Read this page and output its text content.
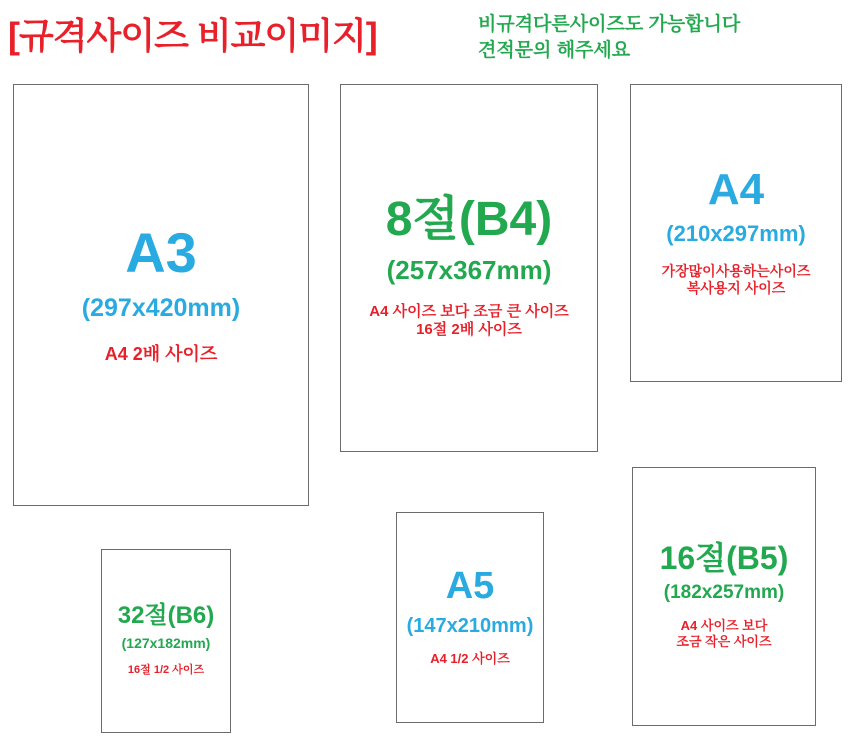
[규격사이즈 비교이미지]	비규격다른사이즈도 가능합니다
견적문의 해주세요
A3
(297x420mm)
A4 2배 사이즈
8절(B4)
(257x367mm)
A4 사이즈 보다 조금 큰 사이즈
16절 2배 사이즈
A4
(210x297mm)
가장많이사용하는사이즈
복사용지 사이즈
32절(B6)
(127x182mm)
16절 1/2 사이즈
A5
(147x210mm)
A4 1/2 사이즈
16절(B5)
(182x257mm)
A4 사이즈 보다
조금 작은 사이즈
